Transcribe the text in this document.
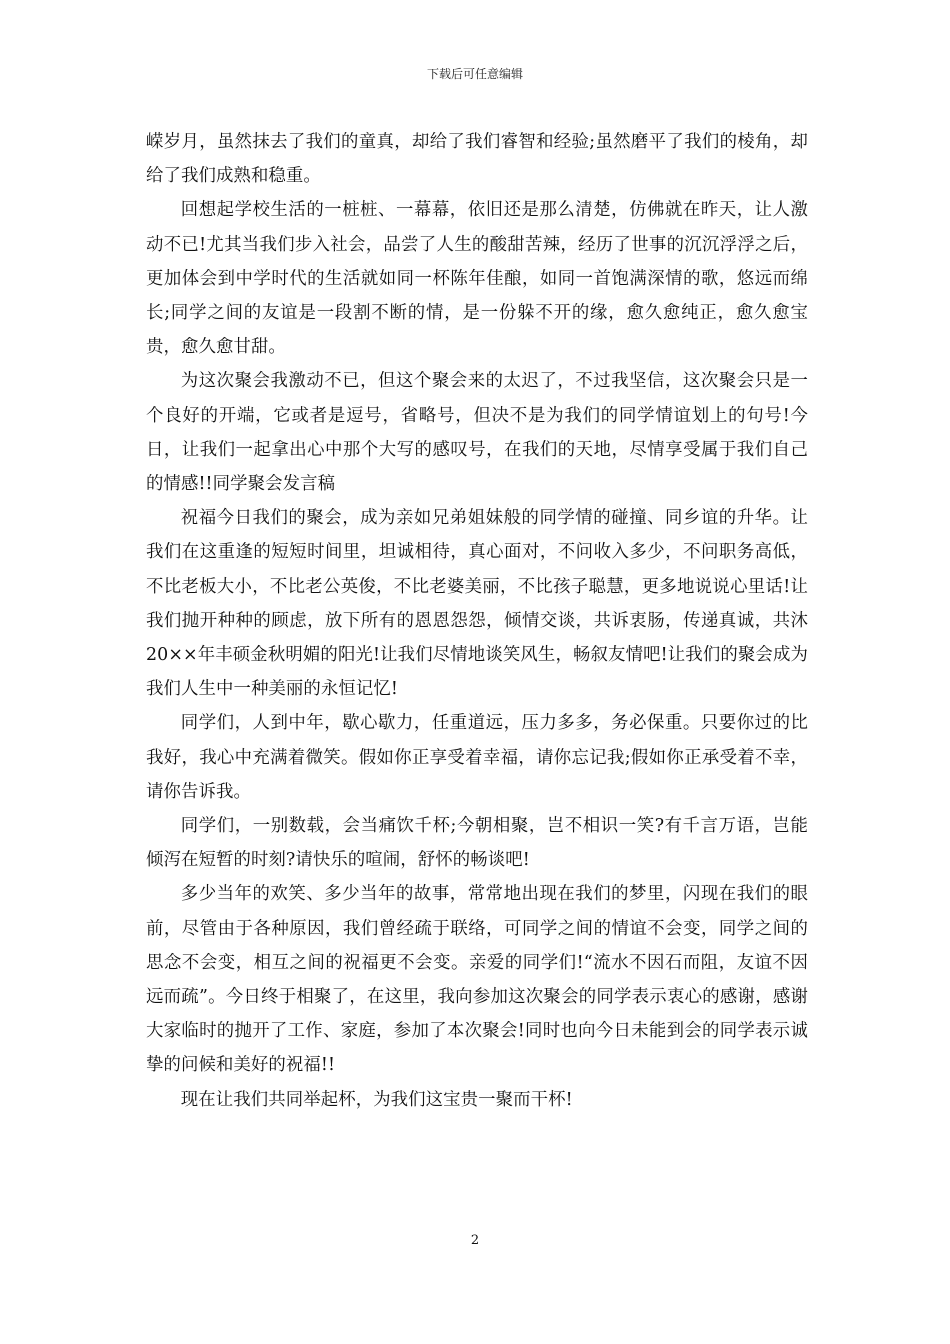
下载后可任意编辑

嵘岁月，虽然抹去了我们的童真，却给了我们睿智和经验;虽然磨平了我们的棱角，却给了我们成熟和稳重。

回想起学校生活的一桩桩、一幕幕，依旧还是那么清楚，仿佛就在昨天，让人激动不已!尤其当我们步入社会，品尝了人生的酸甜苦辣，经历了世事的沉沉浮浮之后，更加体会到中学时代的生活就如同一杯陈年佳酿，如同一首饱满深情的歌，悠远而绵长;同学之间的友谊是一段割不断的情，是一份躲不开的缘，愈久愈纯正，愈久愈宝贵，愈久愈甘甜。

为这次聚会我激动不已，但这个聚会来的太迟了，不过我坚信，这次聚会只是一个良好的开端，它或者是逗号，省略号，但决不是为我们的同学情谊划上的句号!今日，让我们一起拿出心中那个大写的感叹号，在我们的天地，尽情享受属于我们自己的情感!!同学聚会发言稿

祝福今日我们的聚会，成为亲如兄弟姐妹般的同学情的碰撞、同乡谊的升华。让我们在这重逢的短短时间里，坦诚相待，真心面对，不问收入多少，不问职务高低，不比老板大小，不比老公英俊，不比老婆美丽，不比孩子聪慧，更多地说说心里话!让我们抛开种种的顾虑，放下所有的恩恩怨怨，倾情交谈，共诉衷肠，传递真诚，共沐20××年丰硕金秋明媚的阳光!让我们尽情地谈笑风生，畅叙友情吧!让我们的聚会成为我们人生中一种美丽的永恒记忆!

同学们，人到中年，歇心歇力，任重道远，压力多多，务必保重。只要你过的比我好，我心中充满着微笑。假如你正享受着幸福，请你忘记我;假如你正承受着不幸，请你告诉我。

同学们，一别数载，会当痛饮千杯;今朝相聚，岂不相识一笑?有千言万语，岂能倾泻在短暂的时刻?请快乐的喧闹，舒怀的畅谈吧!

多少当年的欢笑、多少当年的故事，常常地出现在我们的梦里，闪现在我们的眼前，尽管由于各种原因，我们曾经疏于联络，可同学之间的情谊不会变，同学之间的思念不会变，相互之间的祝福更不会变。亲爱的同学们!“流水不因石而阻，友谊不因远而疏”。今日终于相聚了，在这里，我向参加这次聚会的同学表示衷心的感谢，感谢大家临时的抛开了工作、家庭，参加了本次聚会!同时也向今日未能到会的同学表示诚挚的问候和美好的祝福!!

现在让我们共同举起杯，为我们这宝贵一聚而干杯!

2
